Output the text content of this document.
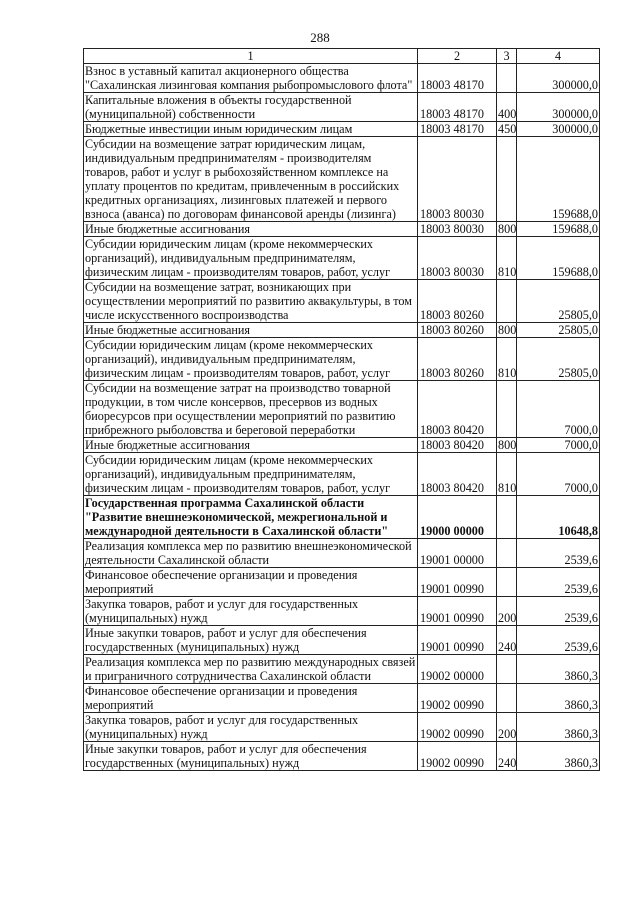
288
1	2	3	4
Взнос в уставный капитал акционерного общества "Сахалинская лизинговая компания рыбопромыслового флота"	18003 48170		300000,0
Капитальные вложения в объекты государственной (муниципальной) собственности	18003 48170	400	300000,0
Бюджетные инвестиции иным юридическим лицам	18003 48170	450	300000,0
Субсидии на возмещение затрат юридическим лицам, индивидуальным предпринимателям - производителям товаров, работ и услуг в рыбохозяйственном комплексе на уплату процентов по кредитам, привлеченным в российских кредитных организациях, лизинговых платежей и первого взноса (аванса) по договорам финансовой аренды (лизинга)	18003 80030		159688,0
Иные бюджетные ассигнования	18003 80030	800	159688,0
Субсидии юридическим лицам (кроме некоммерческих организаций), индивидуальным предпринимателям, физическим лицам - производителям товаров, работ, услуг	18003 80030	810	159688,0
Субсидии на возмещение затрат, возникающих при осуществлении мероприятий по развитию аквакультуры, в том числе искусственного воспроизводства	18003 80260		25805,0
Иные бюджетные ассигнования	18003 80260	800	25805,0
Субсидии юридическим лицам (кроме некоммерческих организаций), индивидуальным предпринимателям, физическим лицам - производителям товаров, работ, услуг	18003 80260	810	25805,0
Субсидии на возмещение затрат на производство товарной продукции, в том числе консервов, пресервов из водных биоресурсов при осуществлении мероприятий по развитию прибрежного рыболовства и береговой переработки	18003 80420		7000,0
Иные бюджетные ассигнования	18003 80420	800	7000,0
Субсидии юридическим лицам (кроме некоммерческих организаций), индивидуальным предпринимателям, физическим лицам - производителям товаров, работ, услуг	18003 80420	810	7000,0
Государственная программа Сахалинской области "Развитие внешнеэкономической, межрегиональной и международной деятельности в Сахалинской области"	19000 00000		10648,8
Реализация комплекса мер по развитию внешнеэкономической деятельности Сахалинской области	19001 00000		2539,6
Финансовое обеспечение организации и проведения мероприятий	19001 00990		2539,6
Закупка товаров, работ и услуг для государственных (муниципальных) нужд	19001 00990	200	2539,6
Иные закупки товаров, работ и услуг для обеспечения государственных (муниципальных) нужд	19001 00990	240	2539,6
Реализация комплекса мер по развитию международных связей и приграничного сотрудничества Сахалинской области	19002 00000		3860,3
Финансовое обеспечение организации и проведения мероприятий	19002 00990		3860,3
Закупка товаров, работ и услуг для государственных (муниципальных) нужд	19002 00990	200	3860,3
Иные закупки товаров, работ и услуг для обеспечения государственных (муниципальных) нужд	19002 00990	240	3860,3
